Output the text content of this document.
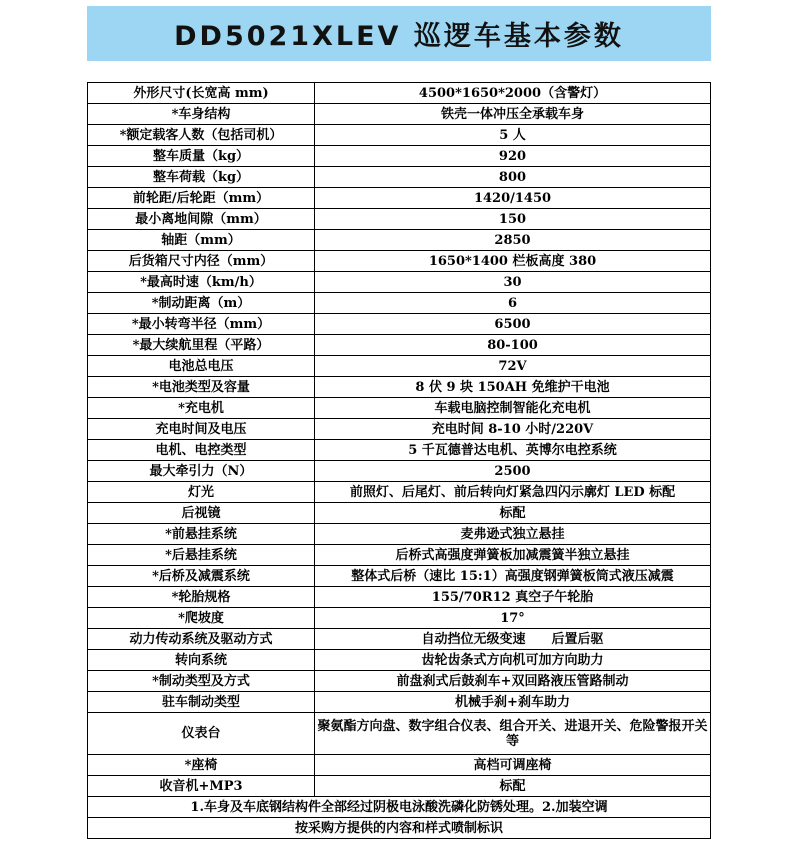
DD5021XLEV 巡逻车基本参数
外形尺寸(长宽高 mm)	4500*1650*2000（含警灯）
*车身结构	铁壳一体冲压全承载车身
*额定载客人数（包括司机）	5 人
整车质量（kg）	920
整车荷载（kg）	800
前轮距/后轮距（mm）	1420/1450
最小离地间隙（mm）	150
轴距（mm）	2850
后货箱尺寸内径（mm）	1650*1400 栏板高度 380
*最高时速（km/h）	30
*制动距离（m）	6
*最小转弯半径（mm）	6500
*最大续航里程（平路）	80-100
电池总电压	72V
*电池类型及容量	8 伏 9 块 150AH 免维护干电池
*充电机	车载电脑控制智能化充电机
充电时间及电压	充电时间 8-10 小时/220V
电机、电控类型	5 千瓦德普达电机、英博尔电控系统
最大牵引力（N）	2500
灯光	前照灯、后尾灯、前后转向灯紧急四闪示廓灯 LED 标配
后视镜	标配
*前悬挂系统	麦弗逊式独立悬挂
*后悬挂系统	后桥式高强度弹簧板加减震簧半独立悬挂
*后桥及减震系统	整体式后桥（速比 15:1）高强度钢弹簧板筒式液压减震
*轮胎规格	155/70R12 真空子午轮胎
*爬坡度	17°
动力传动系统及驱动方式	自动挡位无级变速　　后置后驱
转向系统	齿轮齿条式方向机可加方向助力
*制动类型及方式	前盘刹式后鼓刹车+双回路液压管路制动
驻车制动类型	机械手刹+刹车助力
仪表台	聚氨酯方向盘、数字组合仪表、组合开关、进退开关、危险警报开关等
*座椅	高档可调座椅
收音机+MP3	标配
1.车身及车底钢结构件全部经过阴极电泳酸洗磷化防锈处理。2.加装空调	
按采购方提供的内容和样式喷制标识	
